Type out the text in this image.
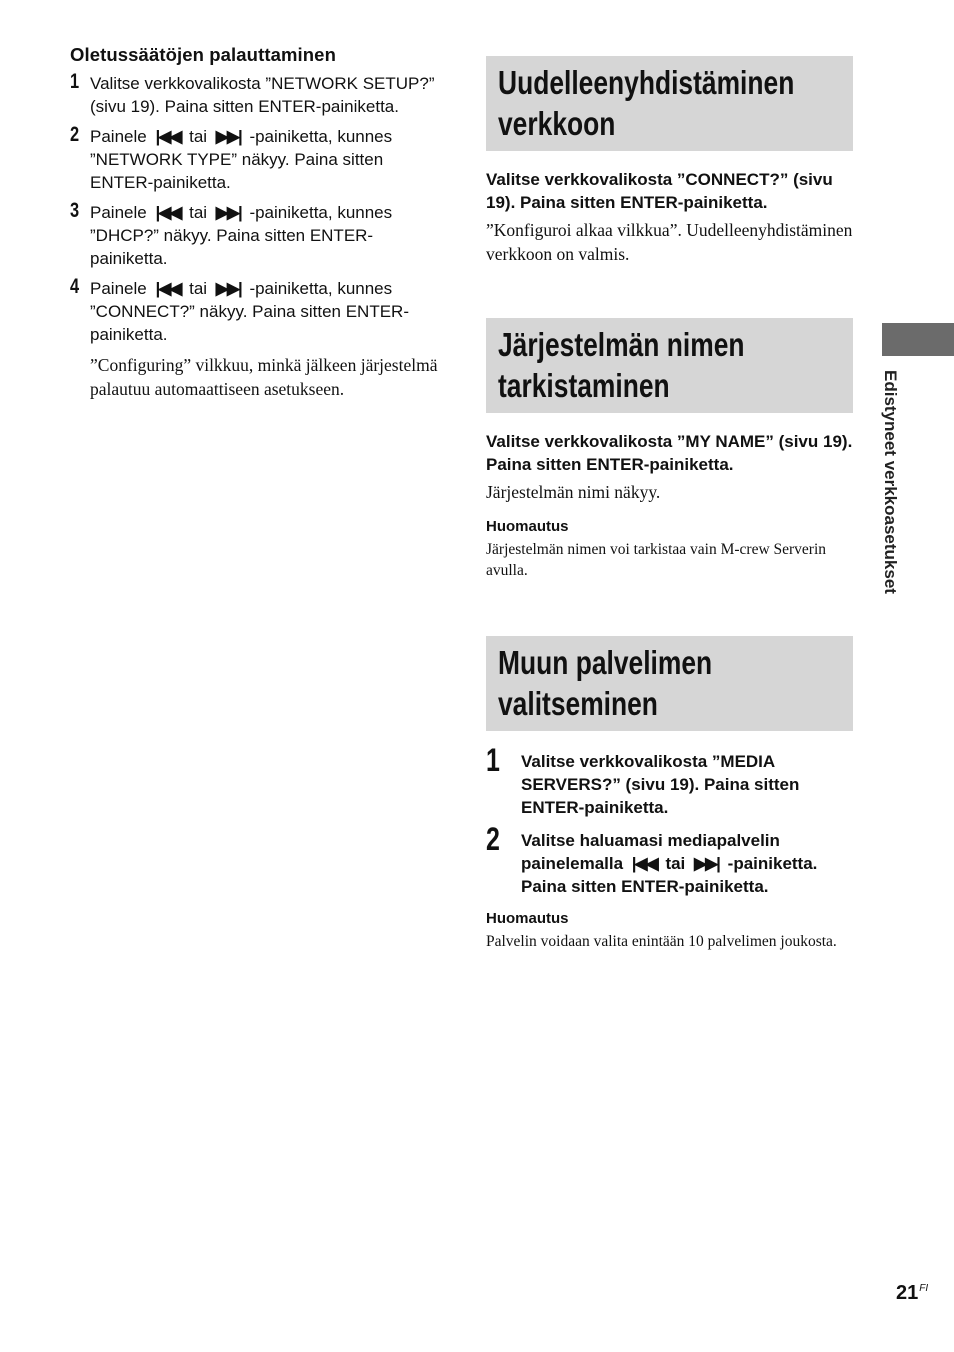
Oletussäätöjen palauttaminen
1 Valitse verkkovalikosta ”NETWORK SETUP?” (sivu 19). Paina sitten ENTER-painiketta.
2 Painele |◀◀ tai ▶▶| -painiketta, kunnes ”NETWORK TYPE” näkyy. Paina sitten ENTER-painiketta.
3 Painele |◀◀ tai ▶▶| -painiketta, kunnes ”DHCP?” näkyy. Paina sitten ENTER-painiketta.
4 Painele |◀◀ tai ▶▶| -painiketta, kunnes ”CONNECT?” näkyy. Paina sitten ENTER-painiketta.
”Configuring” vilkkuu, minkä jälkeen järjestelmä palautuu automaattiseen asetukseen.
Uudelleenyhdistäminen
verkkoon
Valitse verkkovalikosta ”CONNECT?” (sivu 19). Paina sitten ENTER-painiketta.
”Konfiguroi alkaa vilkkua”. Uudelleenyhdistäminen verkkoon on valmis.
Järjestelmän nimen
tarkistaminen
Valitse verkkovalikosta ”MY NAME” (sivu 19). Paina sitten ENTER-painiketta.
Järjestelmän nimi näkyy.
Huomautus
Järjestelmän nimen voi tarkistaa vain M-crew Serverin avulla.
Muun palvelimen
valitseminen
1 Valitse verkkovalikosta ”MEDIA SERVERS?” (sivu 19). Paina sitten ENTER-painiketta.
2 Valitse haluamasi mediapalvelin painelemalla |◀◀ tai ▶▶| -painiketta. Paina sitten ENTER-painiketta.
Huomautus
Palvelin voidaan valita enintään 10 palvelimen joukosta.
Edistyneet verkkoasetukset
$21^{FI}$
